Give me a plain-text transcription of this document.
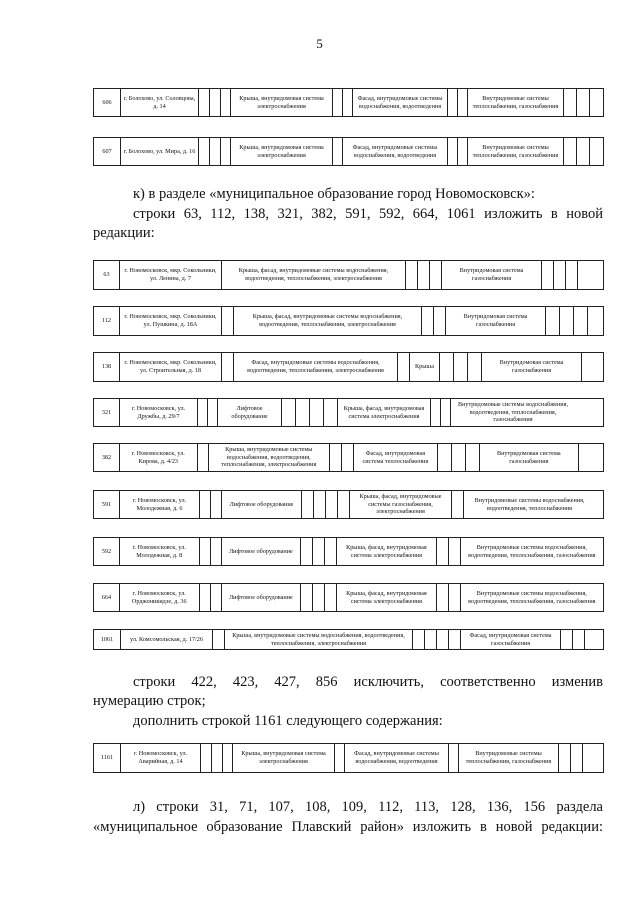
5
606
г. Болохово, ул. Соловцова, д. 14
Крыша, внутридомовая система электроснабжения
Фасад, внутридомовые системы водоснабжения, водоотведения
Внутридомовые системы теплоснабжения, газоснабжения
607	г. Болохово, ул. Мира, д. 16
Крыша, внутридомовая система электроснабжения
Фасад, внутридомовые системы водоснабжения, водоотведения
Внутридомовые системы теплоснабжения, газоснабжения
к) в разделе «муниципальное образование город Новомосковск»:
строки 63, 112, 138, 321, 382, 591, 592, 664, 1061 изложить в новой
редакции:
63
г. Новомосковск, мкр. Сокольники, ул. Ленина, д. 7
Крыша, фасад, внутридомовые системы водоснабжения, водоотведения, теплоснабжения, электроснабжения
Внутридомовая система газоснабжения
112
г. Новомосковск, мкр. Сокольники, ул. Пушкина, д. 18А
Крыша, фасад, внутридомовые системы водоснабжения, водоотведения, теплоснабжения, электроснабжения
Внутридомовая система газоснабжения
138
г. Новомосковск, мкр. Сокольники, ул. Строительная, д. 18
Фасад, внутридомовые системы водоснабжения, водоотведения, теплоснабжения, электроснабжения
Крыша
Внутридомовая система газоснабжения
321
г. Новомосковск, ул. Дружбы, д. 29/7
Лифтовое оборудование
Крыша, фасад, внутридомовая система электроснабжения
Внутридомовые системы водоснабжения, водоотведения, теплоснабжения, газоснабжения
382
г. Новомосковск, ул. Кирова, д. 4/23
Крыша, внутридомовые системы водоснабжения, водоотведения, теплоснабжения, электроснабжения
Фасад, внутридомовая система теплоснабжения
Внутридомовая система газоснабжения
591
г. Новомосковск, ул. Молодежная, д. 6
Лифтовое оборудование
Крыша, фасад, внутридомовые системы газоснабжения, электроснабжения
Внутридомовые системы водоснабжения, водоотведения, теплоснабжения
592
г. Новомосковск, ул. Молодежная, д. 8
Лифтовое оборудование
Крыша, фасад, внутридомовая система электроснабжения
Внутридомовые системы водоснабжения, водоотведения, теплоснабжения, газоснабжения
664
г. Новомосковск, ул. Орджоникидзе, д. 36
Лифтовое оборудование
Крыша, фасад, внутридомовая система электроснабжения
Внутридомовые системы водоснабжения, водоотведения, теплоснабжения, газоснабжения
1061	ул. Комсомольская, д. 17/26
Крыша, внутридомовые системы водоснабжения, водоотведения, теплоснабжения, электроснабжения
Фасад, внутридомовая система газоснабжения
строки 422, 423, 427, 856 исключить, соответственно изменив
нумерацию строк;
дополнить строкой 1161 следующего содержания:
1161
г. Новомосковск, ул. Аварийная, д. 14
Крыша, внутридомовая система электроснабжения
Фасад, внутридомовые системы водоснабжения, водоотведения
Внутридомовые системы теплоснабжения, газоснабжения
л) строки 31, 71, 107, 108, 109, 112, 113, 128, 136, 156 раздела
«муниципальное образование Плавский район» изложить в новой редакции:
